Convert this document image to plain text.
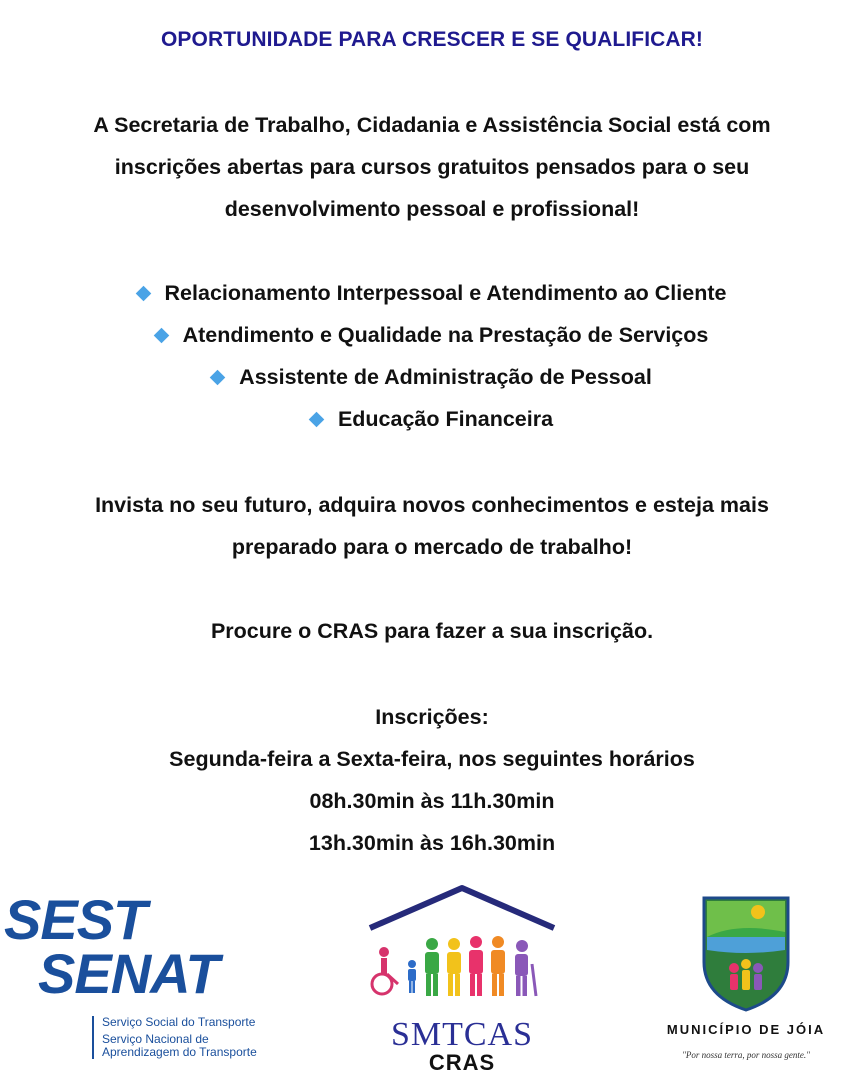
OPORTUNIDADE PARA CRESCER E SE QUALIFICAR!
A Secretaria de Trabalho, Cidadania e Assistência Social está com
inscrições abertas para cursos gratuitos pensados para o seu
desenvolvimento pessoal e profissional!
Relacionamento Interpessoal e Atendimento ao Cliente
Atendimento e Qualidade na Prestação de Serviços
Assistente de Administração de Pessoal
Educação Financeira
Invista no seu futuro, adquira novos conhecimentos e esteja mais
preparado para o mercado de trabalho!
Procure o CRAS para fazer a sua inscrição.
Inscrições:
Segunda-feira a Sexta-feira, nos seguintes horários
08h.30min às 11h.30min
13h.30min às 16h.30min
SEST
SENAT
Serviço Social do Transporte
Serviço Nacional de
Aprendizagem do Transporte	SMTCAS
CRAS
MUNICÍPIO DE JÓIA
"Por nossa terra, por nossa gente."
